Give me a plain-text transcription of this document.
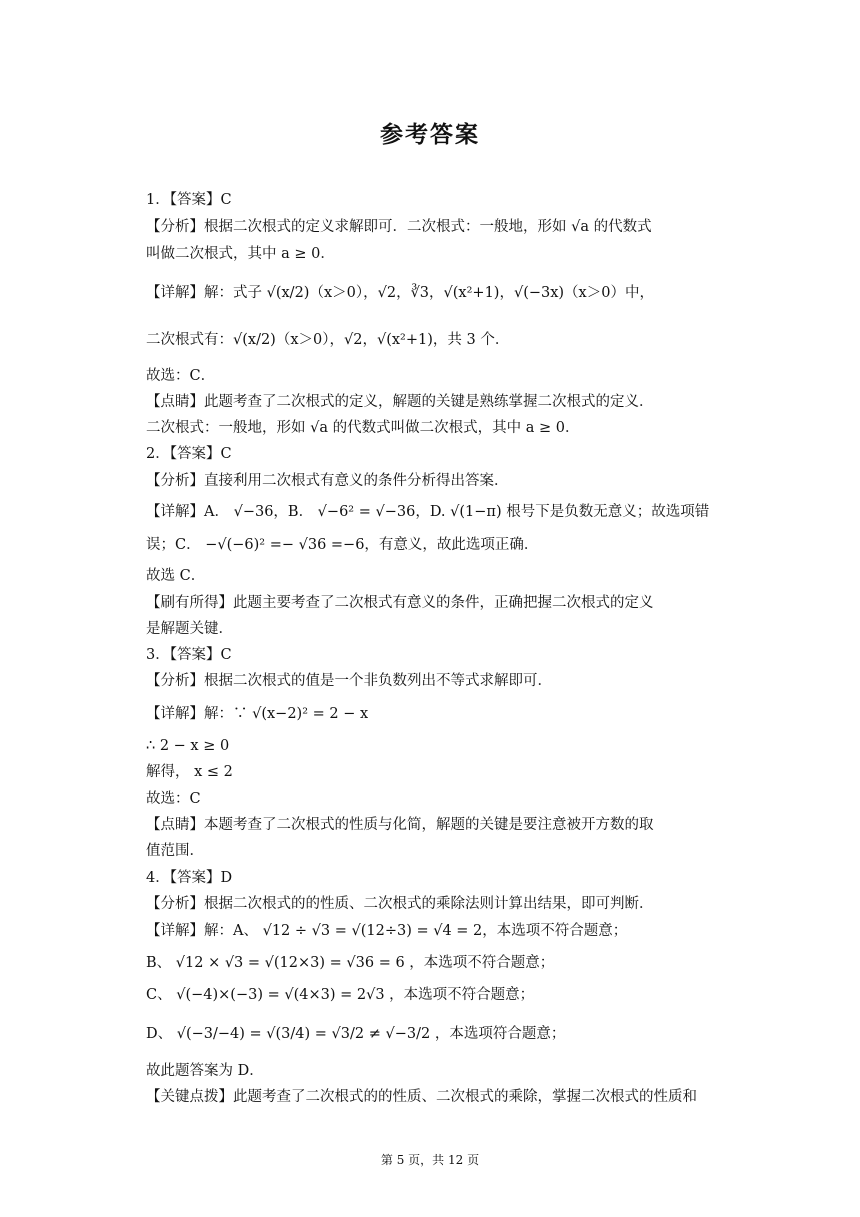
参考答案
1．【答案】C
【分析】根据二次根式的定义求解即可．二次根式：一般地，形如 √a 的代数式
叫做二次根式，其中 a ≥ 0．
【详解】解：式子 √(x/2)（x＞0），√2，∛3，√(x²+1)，√(−3x)（x＞0）中，
二次根式有：√(x/2)（x＞0），√2，√(x²+1)，共 3 个．
故选：C．
【点睛】此题考查了二次根式的定义，解题的关键是熟练掌握二次根式的定义．
二次根式：一般地，形如 √a 的代数式叫做二次根式，其中 a ≥ 0．
2．【答案】C
【分析】直接利用二次根式有意义的条件分析得出答案．
【详解】A． √−36，B． √−6² = √−36，D. √(1−π) 根号下是负数无意义；故选项错
误；C． −√(−6)² =− √36 =−6，有意义，故此选项正确．
故选 C．
【刷有所得】此题主要考查了二次根式有意义的条件，正确把握二次根式的定义
是解题关键．
3．【答案】C
【分析】根据二次根式的值是一个非负数列出不等式求解即可．
【详解】解：∵ √(x−2)² = 2 − x
∴ 2 − x ≥ 0
解得， x ≤ 2
故选：C
【点睛】本题考查了二次根式的性质与化简，解题的关键是要注意被开方数的取
值范围．
4．【答案】D
【分析】根据二次根式的的性质、二次根式的乘除法则计算出结果，即可判断．
【详解】解：A、 √12 ÷ √3 = √(12÷3) = √4 = 2，本选项不符合题意；
B、 √12 × √3 = √(12×3) = √36 = 6 ，本选项不符合题意；
C、 √(−4)×(−3) = √(4×3) = 2√3 ，本选项不符合题意；
D、 √(−3/−4) = √(3/4) = √3/2 ≠ √−3/2 ，本选项符合题意；
故此题答案为 D．
【关键点拨】此题考查了二次根式的的性质、二次根式的乘除，掌握二次根式的性质和
第 5 页，共 12 页
